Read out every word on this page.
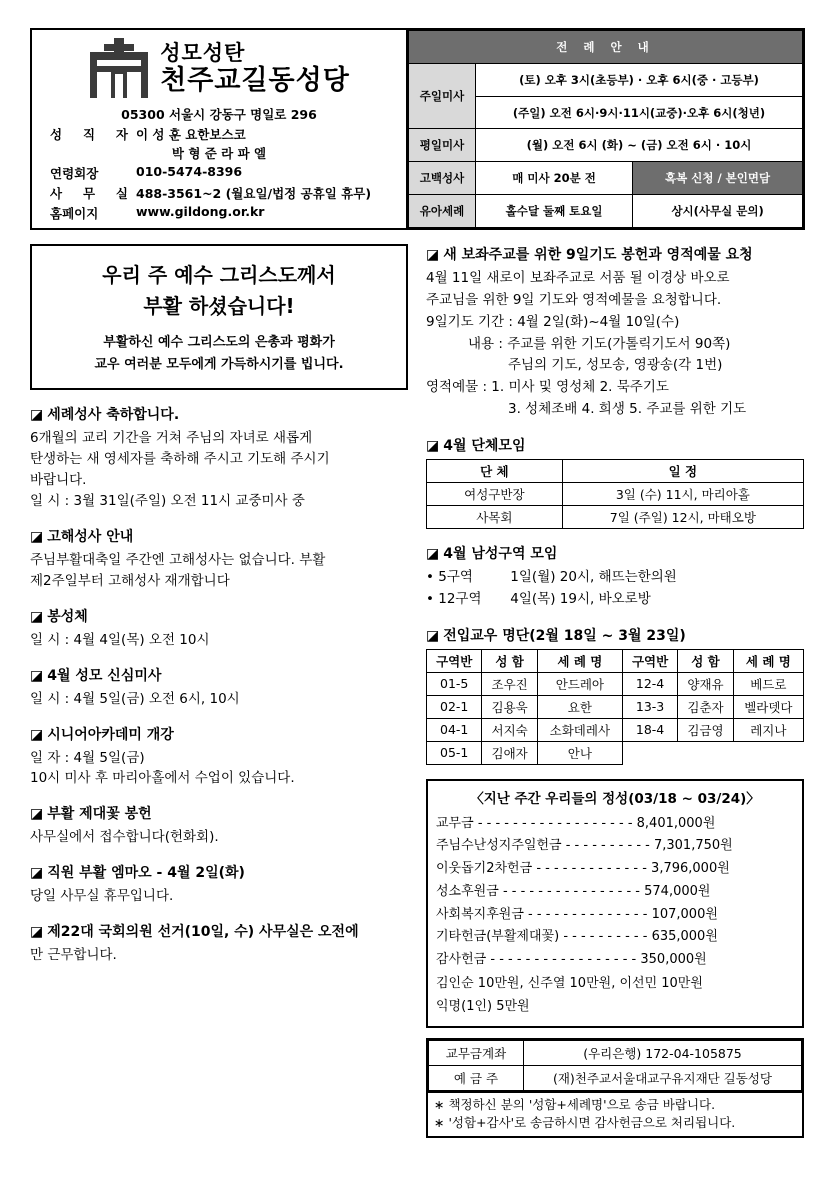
성모성탄
천주교길동성당
05300 서울시 강동구 명일로 296
성 직 자 이 성 훈 요한보스코
박 형 준 라 파 엘
연령회장	010-5474-8396
사 무 실 488-3561~2 (월요일/법정 공휴일 휴무)
홈페이지	www.gildong.or.kr
전 례 안 내		
주일미사	(토) 오후 3시(초등부) · 오후 6시(중 · 고등부)	
	(주일) 오전 6시·9시·11시(교중)·오후 6시(청년)	
평일미사	(월) 오전 6시 (화) ~ (금) 오전 6시 · 10시	
고백성사	매 미사 20분 전	혹복 신청 / 본인면담
유아세례	홀수달 둘째 토요일	상시(사무실 문의)
우리 주 예수 그리스도께서
부활 하셨습니다!
부활하신 예수 그리스도의 은총과 평화가
교우 여러분 모두에게 가득하시기를 빕니다.
◪ 세례성사 축하합니다.
6개월의 교리 기간을 거쳐 주님의 자녀로 새롭게
탄생하는 새 영세자를 축하해 주시고 기도해 주시기
바랍니다.
일 시 : 3월 31일(주일) 오전 11시 교중미사 중
◪ 고해성사 안내
주님부활대축일 주간엔 고해성사는 없습니다. 부활
제2주일부터 고해성사 재개합니다
◪ 봉성체
일 시 : 4월 4일(목) 오전 10시
◪ 4월 성모 신심미사
일 시 : 4월 5일(금) 오전 6시, 10시
◪ 시니어아카데미 개강
일 자 : 4월 5일(금)
10시 미사 후 마리아홀에서 수업이 있습니다.
◪ 부활 제대꽃 봉헌
사무실에서 접수합니다(헌화회).
◪ 직원 부활 엠마오 - 4월 2일(화)
당일 사무실 휴무입니다.
◪ 제22대 국회의원 선거(10일, 수) 사무실은 오전에
만 근무합니다.
◪ 새 보좌주교를 위한 9일기도 봉헌과 영적예물 요청
4월 11일 새로이 보좌주교로 서품 될 이경상 바오로
주교님을 위한 9일 기도와 영적예물을 요청합니다.
9일기도 기간 : 4월 2일(화)~4월 10일(수)
내용 : 주교를 위한 기도(가톨릭기도서 90쪽)
주님의 기도, 성모송, 영광송(각 1번)
영적예물 : 1. 미사 및 영성체 2. 묵주기도
3. 성체조배 4. 희생 5. 주교를 위한 기도
◪ 4월 단체모임
단 체	일 정
여성구반장	3일 (수) 11시, 마리아홀
사목회	7일 (주일) 12시, 마태오방
◪ 4월 남성구역 모임
• 5구역	1일(월) 20시, 해뜨는한의원
• 12구역 4일(목) 19시, 바오로방
◪ 전입교우 명단(2월 18일 ~ 3월 23일)
구역반	성 함	세 례 명	구역반	성 함	세 례 명
01-5	조우진	안드레아	12-4	양재유	베드로
02-1	김용욱	요한	13-3	김춘자	벨라뎃다
04-1	서지숙	소화데레사	18-4	김금영	레지나
05-1	김애자	안나			
〈지난 주간 우리들의 정성(03/18 ~ 03/24)〉
교무금 - - - - - - - - - - - - - - - - - - 8,401,000원
주님수난성지주일헌금 - - - - - - - - - - 7,301,750원
이웃돕기2차헌금 - - - - - - - - - - - - - 3,796,000원
성소후원금 - - - - - - - - - - - - - - - - 574,000원
사회복지후원금 - - - - - - - - - - - - - - 107,000원
기타헌금(부활제대꽃) - - - - - - - - - - 635,000원
감사헌금 - - - - - - - - - - - - - - - - - 350,000원
김인순 10만원, 신주열 10만원, 이선민 10만원
익명(1인) 5만원
교무금계좌	(우리은행) 172-04-105875
예 금 주	(재)천주교서울대교구유지재단 길동성당
∗ 책정하신 분의 '성함+세례명'으로 송금 바랍니다.
∗ '성함+감사'로 송금하시면 감사헌금으로 처리됩니다.
